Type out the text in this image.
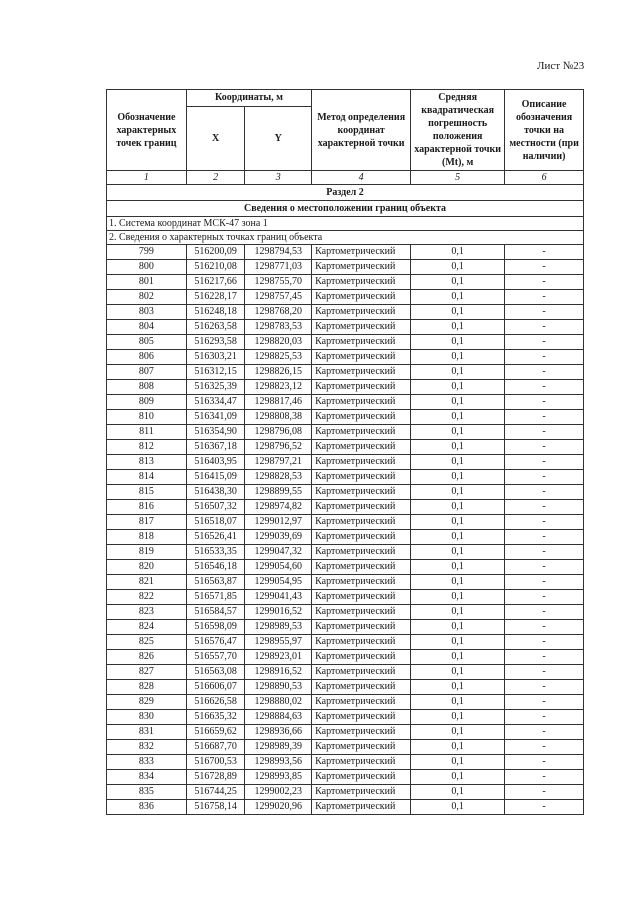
Лист №23
Раздел 2					
Сведения о местоположении границ объекта					
1. Система координат МСК-47 зона 1					
2. Сведения о характерных точках границ объекта					
Обозначение характерных точек границ	Координаты, м		Метод определения координат характерной точки	Средняя квадратическая погрешность положения характерной точки (Mt), м	Описание обозначения точки на местности (при наличии)
	X	Y			
1	2	3	4	5	6
799	516200,09	1298794,53	Картометрический	0,1	-
800	516210,08	1298771,03	Картометрический	0,1	-
801	516217,66	1298755,70	Картометрический	0,1	-
802	516228,17	1298757,45	Картометрический	0,1	-
803	516248,18	1298768,20	Картометрический	0,1	-
804	516263,58	1298783,53	Картометрический	0,1	-
805	516293,58	1298820,03	Картометрический	0,1	-
806	516303,21	1298825,53	Картометрический	0,1	-
807	516312,15	1298826,15	Картометрический	0,1	-
808	516325,39	1298823,12	Картометрический	0,1	-
809	516334,47	1298817,46	Картометрический	0,1	-
810	516341,09	1298808,38	Картометрический	0,1	-
811	516354,90	1298796,08	Картометрический	0,1	-
812	516367,18	1298796,52	Картометрический	0,1	-
813	516403,95	1298797,21	Картометрический	0,1	-
814	516415,09	1298828,53	Картометрический	0,1	-
815	516438,30	1298899,55	Картометрический	0,1	-
816	516507,32	1298974,82	Картометрический	0,1	-
817	516518,07	1299012,97	Картометрический	0,1	-
818	516526,41	1299039,69	Картометрический	0,1	-
819	516533,35	1299047,32	Картометрический	0,1	-
820	516546,18	1299054,60	Картометрический	0,1	-
821	516563,87	1299054,95	Картометрический	0,1	-
822	516571,85	1299041,43	Картометрический	0,1	-
823	516584,57	1299016,52	Картометрический	0,1	-
824	516598,09	1298989,53	Картометрический	0,1	-
825	516576,47	1298955,97	Картометрический	0,1	-
826	516557,70	1298923,01	Картометрический	0,1	-
827	516563,08	1298916,52	Картометрический	0,1	-
828	516606,07	1298890,53	Картометрический	0,1	-
829	516626,58	1298880,02	Картометрический	0,1	-
830	516635,32	1298884,63	Картометрический	0,1	-
831	516659,62	1298936,66	Картометрический	0,1	-
832	516687,70	1298989,39	Картометрический	0,1	-
833	516700,53	1298993,56	Картометрический	0,1	-
834	516728,89	1298993,85	Картометрический	0,1	-
835	516744,25	1299002,23	Картометрический	0,1	-
836	516758,14	1299020,96	Картометрический	0,1	-
